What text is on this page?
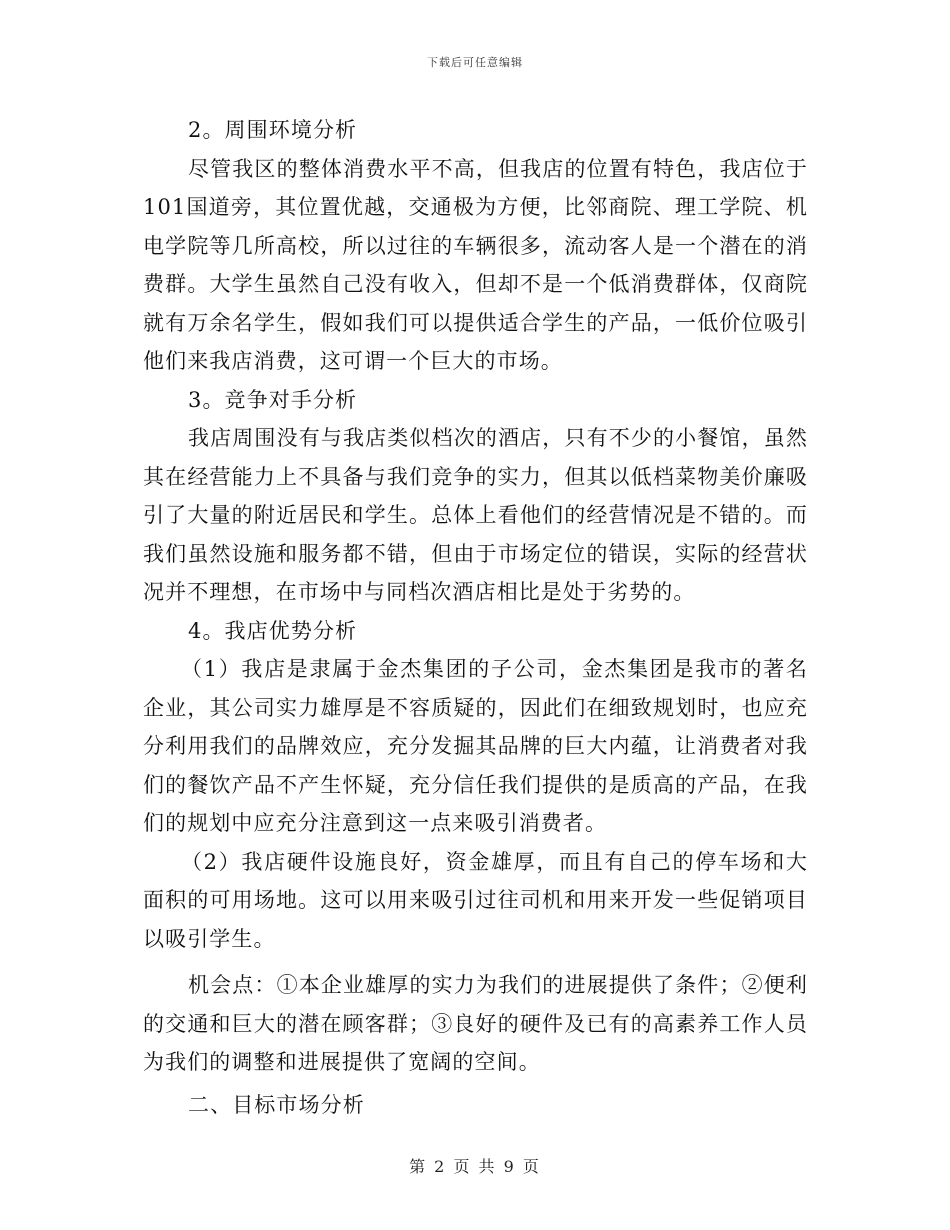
下载后可任意编辑

2。周围环境分析

尽管我区的整体消费水平不高，但我店的位置有特色，我店位于101国道旁，其位置优越，交通极为方便，比邻商院、理工学院、机电学院等几所高校，所以过往的车辆很多，流动客人是一个潜在的消费群。大学生虽然自己没有收入，但却不是一个低消费群体，仅商院就有万余名学生，假如我们可以提供适合学生的产品，一低价位吸引他们来我店消费，这可谓一个巨大的市场。

3。竞争对手分析

我店周围没有与我店类似档次的酒店，只有不少的小餐馆，虽然其在经营能力上不具备与我们竞争的实力，但其以低档菜物美价廉吸引了大量的附近居民和学生。总体上看他们的经营情况是不错的。而我们虽然设施和服务都不错，但由于市场定位的错误，实际的经营状况并不理想，在市场中与同档次酒店相比是处于劣势的。

4。我店优势分析

（1）我店是隶属于金杰集团的子公司，金杰集团是我市的著名企业，其公司实力雄厚是不容质疑的，因此们在细致规划时，也应充分利用我们的品牌效应，充分发掘其品牌的巨大内蕴，让消费者对我们的餐饮产品不产生怀疑，充分信任我们提供的是质高的产品，在我们的规划中应充分注意到这一点来吸引消费者。

（2）我店硬件设施良好，资金雄厚，而且有自己的停车场和大面积的可用场地。这可以用来吸引过往司机和用来开发一些促销项目以吸引学生。

机会点：①本企业雄厚的实力为我们的进展提供了条件；②便利的交通和巨大的潜在顾客群；③良好的硬件及已有的高素养工作人员为我们的调整和进展提供了宽阔的空间。

二、目标市场分析

第 2 页 共 9 页
